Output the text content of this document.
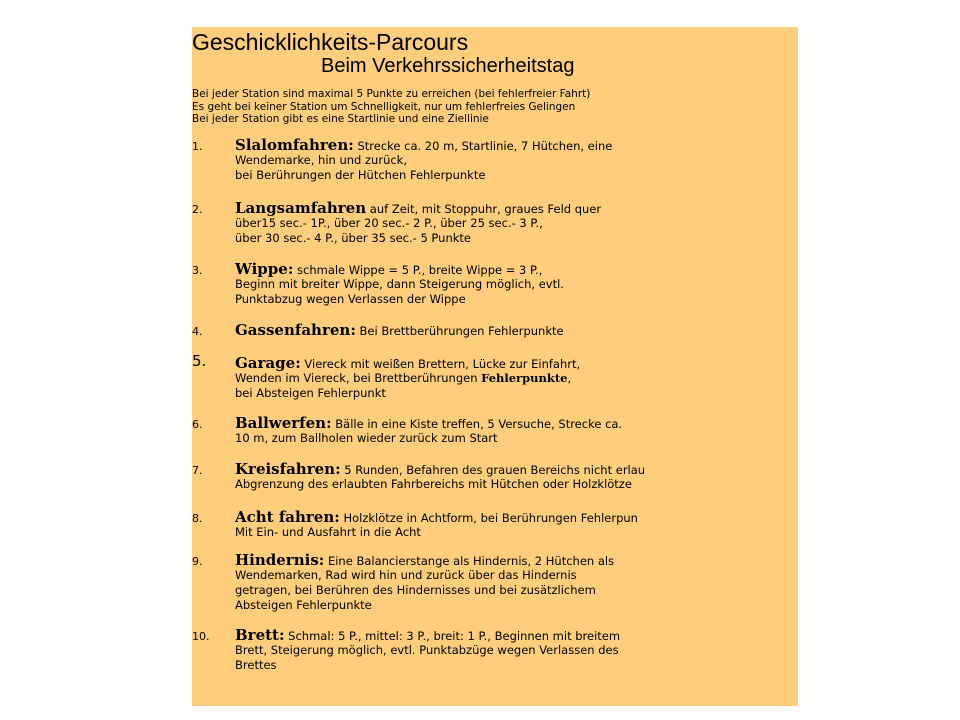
Geschicklichkeits-Parcours
Beim Verkehrssicherheitstag
Bei jeder Station sind maximal 5 Punkte zu erreichen (bei fehlerfreier Fahrt)
Es geht bei keiner Station um Schnelligkeit, nur um fehlerfreies Gelingen
Bei jeder Station gibt es eine Startlinie und eine Ziellinie
1. Slalomfahren: Strecke ca. 20 m, Startlinie, 7 Hütchen, eine
Wendemarke, hin und zurück,
bei Berührungen der Hütchen Fehlerpunkte
2. Langsamfahren auf Zeit, mit Stoppuhr, graues Feld quer
über15 sec.- 1P., über 20 sec.- 2 P., über 25 sec.- 3 P.,
über 30 sec.- 4 P., über 35 sec.- 5 Punkte
3. Wippe: schmale Wippe = 5 P., breite Wippe = 3 P.,
Beginn mit breiter Wippe, dann Steigerung möglich, evtl.
Punktabzug wegen Verlassen der Wippe
4. Gassenfahren: Bei Brettberührungen Fehlerpunkte
5. Garage: Viereck mit weißen Brettern, Lücke zur Einfahrt,
Wenden im Viereck, bei Brettberührungen Fehlerpunkte,
bei Absteigen Fehlerpunkt
6. Ballwerfen: Bälle in eine Kiste treffen, 5 Versuche, Strecke ca.
10 m, zum Ballholen wieder zurück zum Start
7. Kreisfahren: 5 Runden, Befahren des grauen Bereichs nicht erlau
Abgrenzung des erlaubten Fahrbereichs mit Hütchen oder Holzklötze
8. Acht fahren: Holzklötze in Achtform, bei Berührungen Fehlerpun
Mit Ein- und Ausfahrt in die Acht
9. Hindernis: Eine Balancierstange als Hindernis, 2 Hütchen als
Wendemarken, Rad wird hin und zurück über das Hindernis
getragen, bei Berühren des Hindernisses und bei zusätzlichem
Absteigen Fehlerpunkte
10. Brett: Schmal: 5 P., mittel: 3 P., breit: 1 P., Beginnen mit breitem
Brett, Steigerung möglich, evtl. Punktabzüge wegen Verlassen des
Brettes
